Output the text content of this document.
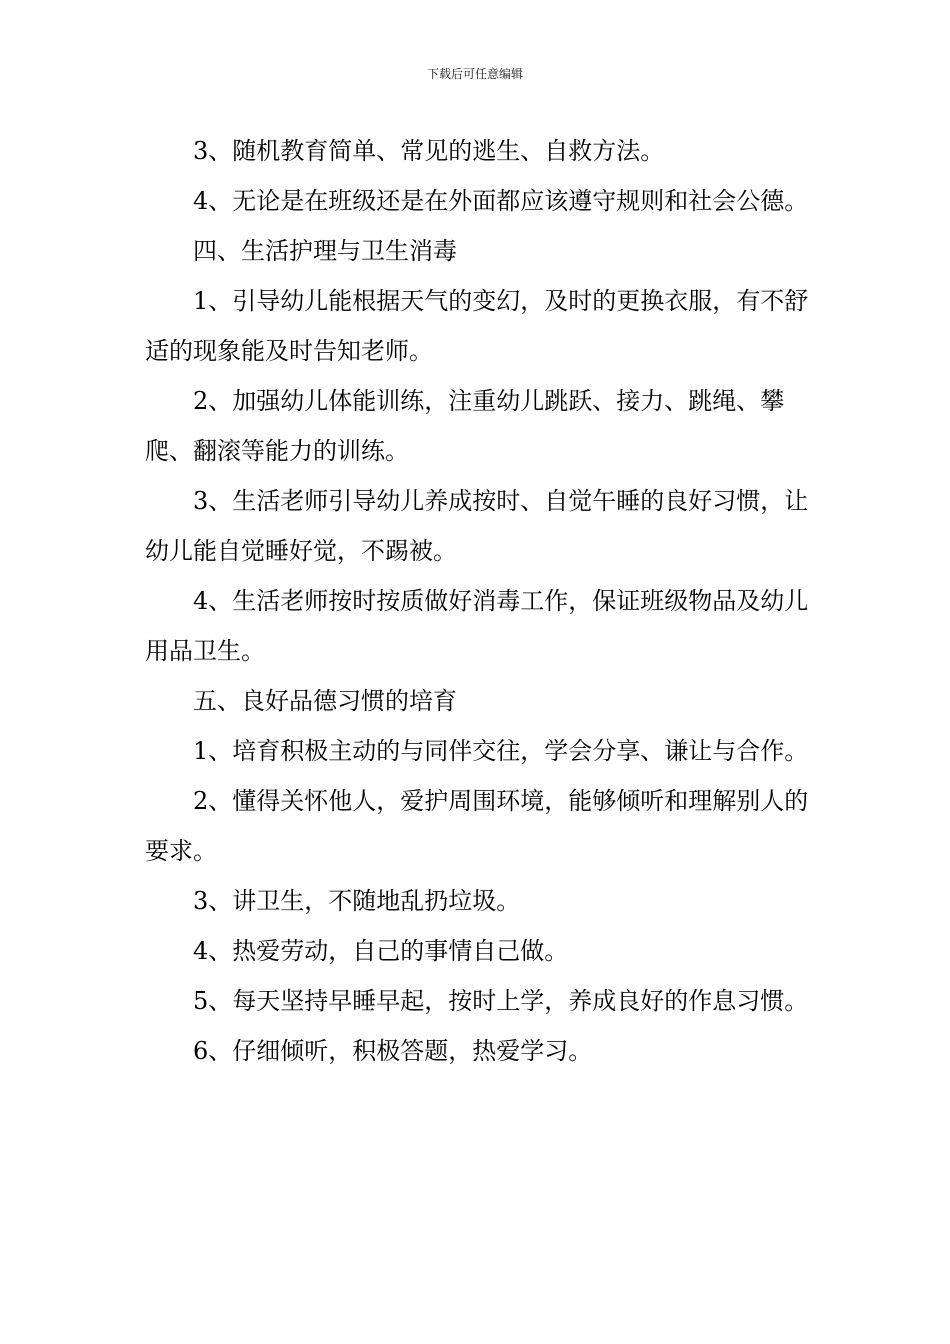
下载后可任意编辑

3、随机教育简单、常见的逃生、自救方法。

4、无论是在班级还是在外面都应该遵守规则和社会公德。

四、生活护理与卫生消毒

1、引导幼儿能根据天气的变幻，及时的更换衣服，有不舒适的现象能及时告知老师。

2、加强幼儿体能训练，注重幼儿跳跃、接力、跳绳、攀爬、翻滚等能力的训练。

3、生活老师引导幼儿养成按时、自觉午睡的良好习惯，让幼儿能自觉睡好觉，不踢被。

4、生活老师按时按质做好消毒工作，保证班级物品及幼儿用品卫生。

五、良好品德习惯的培育

1、培育积极主动的与同伴交往，学会分享、谦让与合作。

2、懂得关怀他人，爱护周围环境，能够倾听和理解别人的要求。

3、讲卫生，不随地乱扔垃圾。

4、热爱劳动，自己的事情自己做。

5、每天坚持早睡早起，按时上学，养成良好的作息习惯。

6、仔细倾听，积极答题，热爱学习。
